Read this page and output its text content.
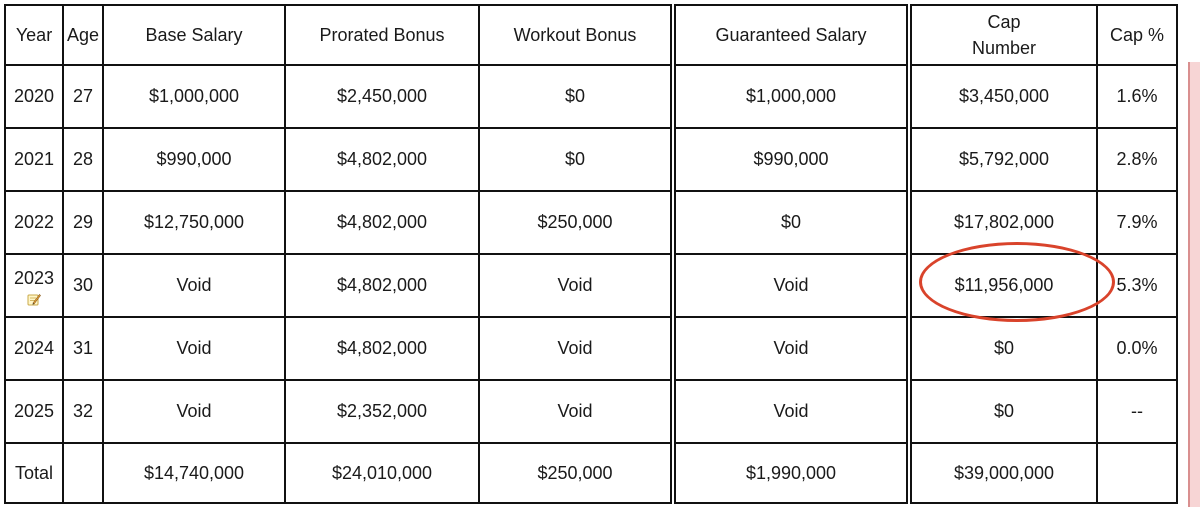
Year	Age	Base Salary	Prorated Bonus	Workout Bonus	Guaranteed Salary	Cap
Number	Cap %
2020	27	$1,000,000	$2,450,000	$0	$1,000,000	$3,450,000	1.6%
2021	28	$990,000	$4,802,000	$0	$990,000	$5,792,000	2.8%
2022	29	$12,750,000	$4,802,000	$250,000	$0	$17,802,000	7.9%

2023	30	Void	$4,802,000	Void	Void	$11,956,000	5.3%
2024	31	Void	$4,802,000	Void	Void	$0	0.0%
2025	32	Void	$2,352,000	Void	Void	$0	--
Total		$14,740,000	$24,010,000	$250,000	$1,990,000	$39,000,000	
